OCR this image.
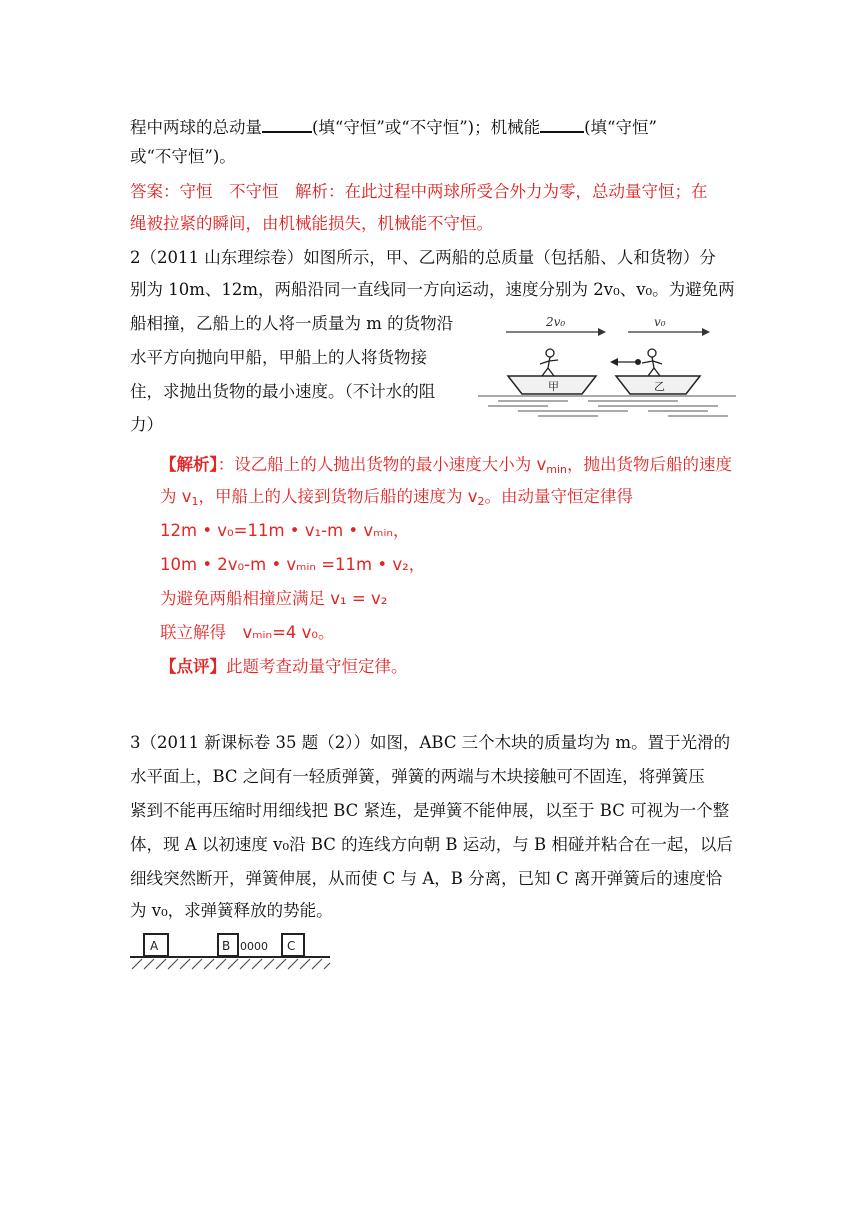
程中两球的总动量	(填“守恒”或“不守恒”)；机械能	(填“守恒”
或“不守恒”)。
答案：守恒　不守恒　解析：在此过程中两球所受合外力为零，总动量守恒；在
绳被拉紧的瞬间，由机械能损失，机械能不守恒。
2（2011 山东理综卷）如图所示，甲、乙两船的总质量（包括船、人和货物）分
别为 10m、12m，两船沿同一直线同一方向运动，速度分别为 2v₀、v₀。为避免两
船相撞，乙船上的人将一质量为 m 的货物沿
水平方向抛向甲船，甲船上的人将货物接
住，求抛出货物的最小速度。（不计水的阻
力）
2v₀	v₀
甲	乙
【解析】：设乙船上的人抛出货物的最小速度大小为 $v_{min}$，抛出货物后船的速度
为 $v_1$，甲船上的人接到货物后船的速度为 $v_2$。由动量守恒定律得
12m • v₀=11m • v₁-m • vₘᵢₙ，
10m • 2v₀-m • vₘᵢₙ =11m • v₂，
为避免两船相撞应满足 v₁ = v₂
联立解得　vₘᵢₙ=4 v₀。
【点评】此题考查动量守恒定律。
3（2011 新课标卷 35 题（2））如图，ABC 三个木块的质量均为 m。置于光滑的
水平面上，BC 之间有一轻质弹簧，弹簧的两端与木块接触可不固连，将弹簧压
紧到不能再压缩时用细线把 BC 紧连，是弹簧不能伸展，以至于 BC 可视为一个整
体，现 A 以初速度 v₀沿 BC 的连线方向朝 B 运动，与 B 相碰并粘合在一起，以后
细线突然断开，弹簧伸展，从而使 C 与 A，B 分离，已知 C 离开弹簧后的速度恰
为 v₀，求弹簧释放的势能。
A	B 0000 C
